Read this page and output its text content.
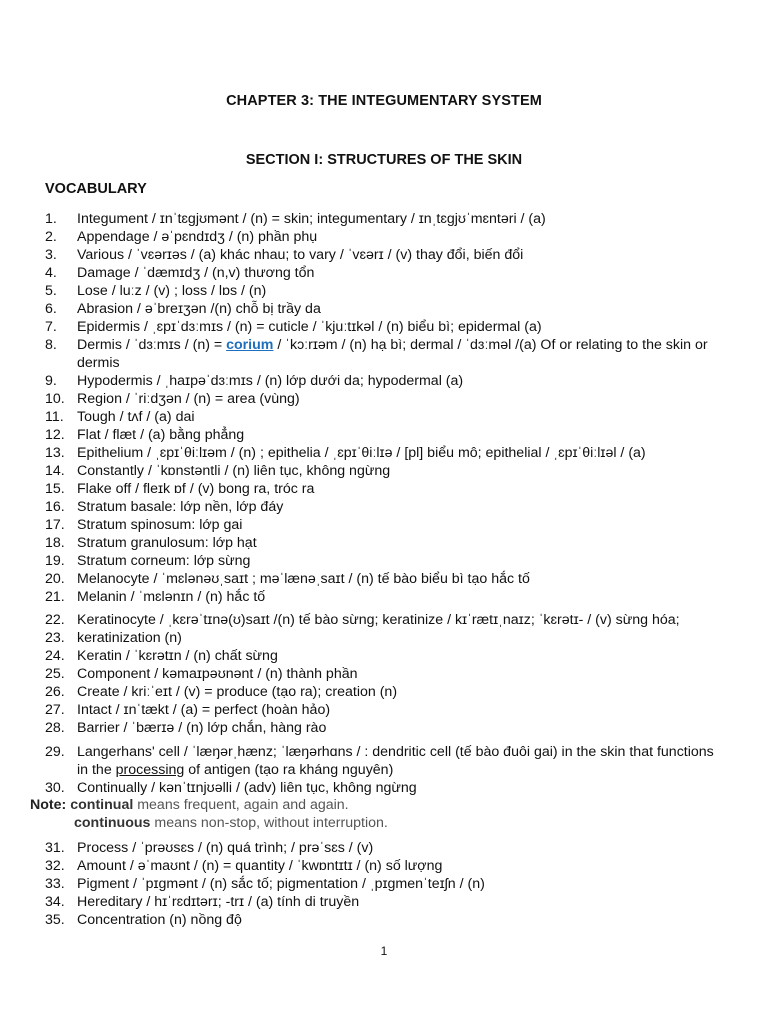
CHAPTER 3: THE INTEGUMENTARY SYSTEM
SECTION I: STRUCTURES OF THE SKIN
VOCABULARY
1. Integument / ɪnˈtɛgjʊmənt / (n) = skin; integumentary / ɪnˌtɛgjʊˈmɛntəri / (a)
2. Appendage / əˈpɛndɪdʒ / (n) phần phụ
3. Various / ˈvɛərɪəs / (a) khác nhau; to vary / ˈvɛərɪ / (v) thay đổi, biến đổi
4. Damage / ˈdæmɪdʒ / (n,v) thương tổn
5. Lose / luːz / (v) ; loss / lɒs / (n)
6. Abrasion / əˈbreɪʒən /(n) chỗ bị trầy da
7. Epidermis / ˌɛpɪˈdɜːmɪs / (n) = cuticle / ˈkjuːtɪkəl / (n) biểu bì; epidermal (a)
8. Dermis / ˈdɜːmɪs / (n) = corium / ˈkɔːrɪəm / (n) hạ bì; dermal / ˈdɜːməl /(a) Of or relating to the skin or dermis
9. Hypodermis / ˌhaɪpəˈdɜːmɪs / (n) lớp dưới da; hypodermal (a)
10. Region / ˈriːdʒən / (n) = area (vùng)
11. Tough / tʌf / (a) dai
12. Flat / flæt / (a) bằng phẳng
13. Epithelium / ˌɛpɪˈθiːlɪəm / (n) ; epithelia / ˌɛpɪˈθiːlɪə / [pl] biểu mô; epithelial / ˌɛpɪˈθiːlɪəl / (a)
14. Constantly / ˈkɒnstəntli / (n) liên tục, không ngừng
15. Flake off / fleɪk ɒf / (v) bong ra, tróc ra
16. Stratum basale: lớp nền, lớp đáy
17. Stratum spinosum: lớp gai
18. Stratum granulosum: lớp hạt
19. Stratum corneum: lớp sừng
20. Melanocyte / ˈmɛlənəʊˌsaɪt ; məˈlænəˌsaɪt / (n) tế bào biểu bì tạo hắc tố
21. Melanin / ˈmɛlənɪn / (n) hắc tố
22. Keratinocyte / ˌkɛrəˈtɪnə(ʊ)saɪt /(n) tế bào sừng; keratinize / kɪˈrætɪˌnaɪz; ˈkɛrətɪ- / (v) sừng hóa;
23. keratinization (n)
24. Keratin / ˈkɛrətɪn / (n) chất sừng
25. Component / kəmaɪpəʊnənt / (n) thành phần
26. Create / kriːˈeɪt / (v) = produce (tạo ra); creation (n)
27. Intact / ɪnˈtækt / (a) = perfect (hoàn hảo)
28. Barrier / ˈbærɪə / (n) lớp chắn, hàng rào
29. Langerhans' cell / ˈlæŋərˌhænz; ˈlæŋərhɑns / : dendritic cell (tế bào đuôi gai) in the skin that functions in the processing of antigen (tạo ra kháng nguyên)
30. Continually / kənˈtɪnjʊəlli / (adv) liên tục, không ngừng
Note: continual means frequent, again and again.
continuous means non-stop, without interruption.
31. Process / ˈprəʊsɛs / (n) quá trình; / prəˈsɛs / (v)
32. Amount / əˈmaʊnt / (n) = quantity / ˈkwɒntɪtɪ / (n) số lượng
33. Pigment / ˈpɪgmənt / (n) sắc tố; pigmentation / ˌpɪgmenˈteɪʃn / (n)
34. Hereditary / hɪˈrɛdɪtərɪ; -trɪ / (a) tính di truyền
35. Concentration (n) nồng độ
1
